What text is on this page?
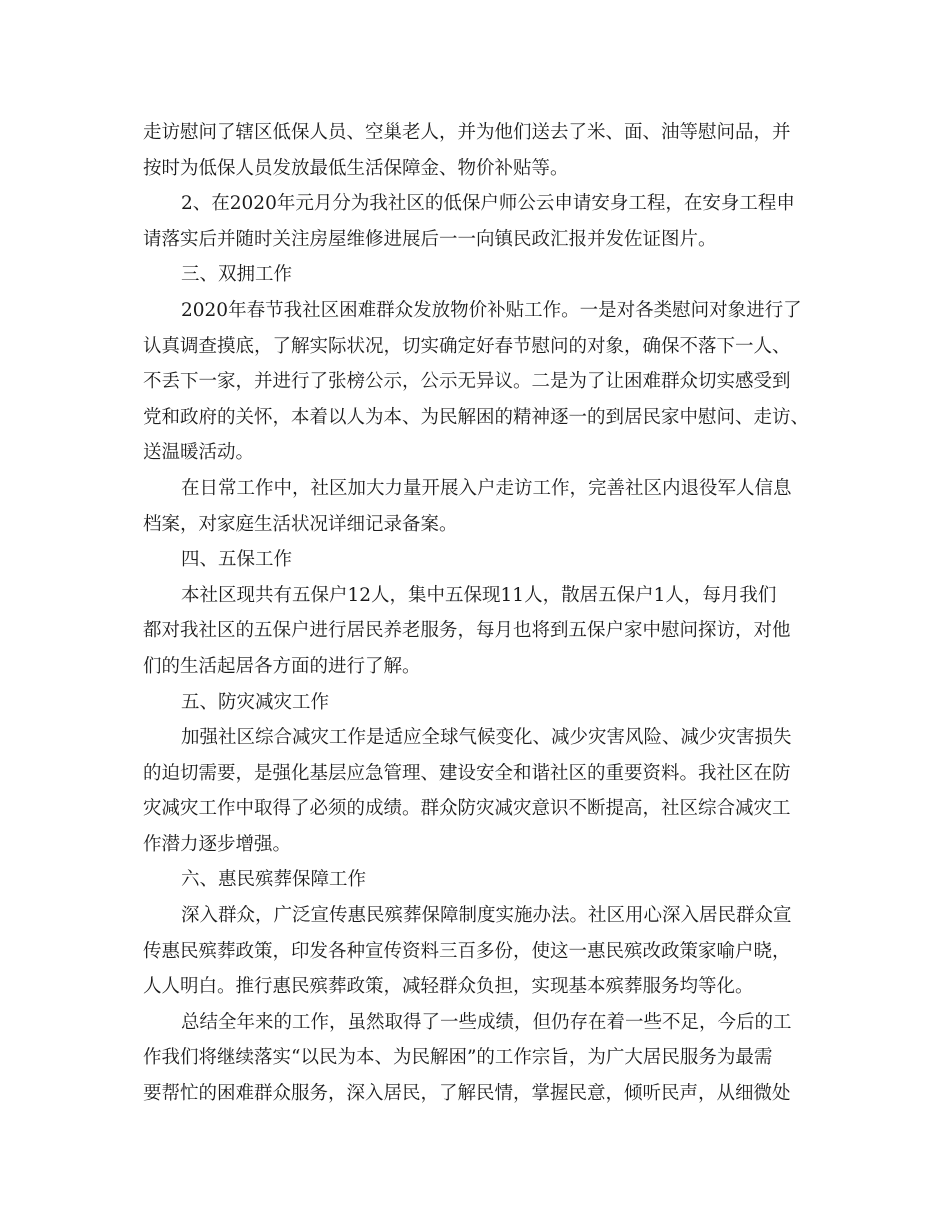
走访慰问了辖区低保人员、空巢老人，并为他们送去了米、面、油等慰问品，并
按时为低保人员发放最低生活保障金、物价补贴等。
2、在2020年元月分为我社区的低保户师公云申请安身工程，在安身工程申
请落实后并随时关注房屋维修进展后一一向镇民政汇报并发佐证图片。
三、双拥工作
2020年春节我社区困难群众发放物价补贴工作。一是对各类慰问对象进行了
认真调查摸底，了解实际状况，切实确定好春节慰问的对象，确保不落下一人、
不丢下一家，并进行了张榜公示，公示无异议。二是为了让困难群众切实感受到
党和政府的关怀，本着以人为本、为民解困的精神逐一的到居民家中慰问、走访、
送温暖活动。
在日常工作中，社区加大力量开展入户走访工作，完善社区内退役军人信息
档案，对家庭生活状况详细记录备案。
四、五保工作
本社区现共有五保户12人，集中五保现11人，散居五保户1人，每月我们
都对我社区的五保户进行居民养老服务，每月也将到五保户家中慰问探访，对他
们的生活起居各方面的进行了解。
五、防灾减灾工作
加强社区综合减灾工作是适应全球气候变化、减少灾害风险、减少灾害损失
的迫切需要，是强化基层应急管理、建设安全和谐社区的重要资料。我社区在防
灾减灾工作中取得了必须的成绩。群众防灾减灾意识不断提高，社区综合减灾工
作潜力逐步增强。
六、惠民殡葬保障工作
深入群众，广泛宣传惠民殡葬保障制度实施办法。社区用心深入居民群众宣
传惠民殡葬政策，印发各种宣传资料三百多份，使这一惠民殡改政策家喻户晓，
人人明白。推行惠民殡葬政策，减轻群众负担，实现基本殡葬服务均等化。
总结全年来的工作，虽然取得了一些成绩，但仍存在着一些不足，今后的工
作我们将继续落实“以民为本、为民解困”的工作宗旨，为广大居民服务为最需
要帮忙的困难群众服务，深入居民，了解民情，掌握民意，倾听民声，从细微处
